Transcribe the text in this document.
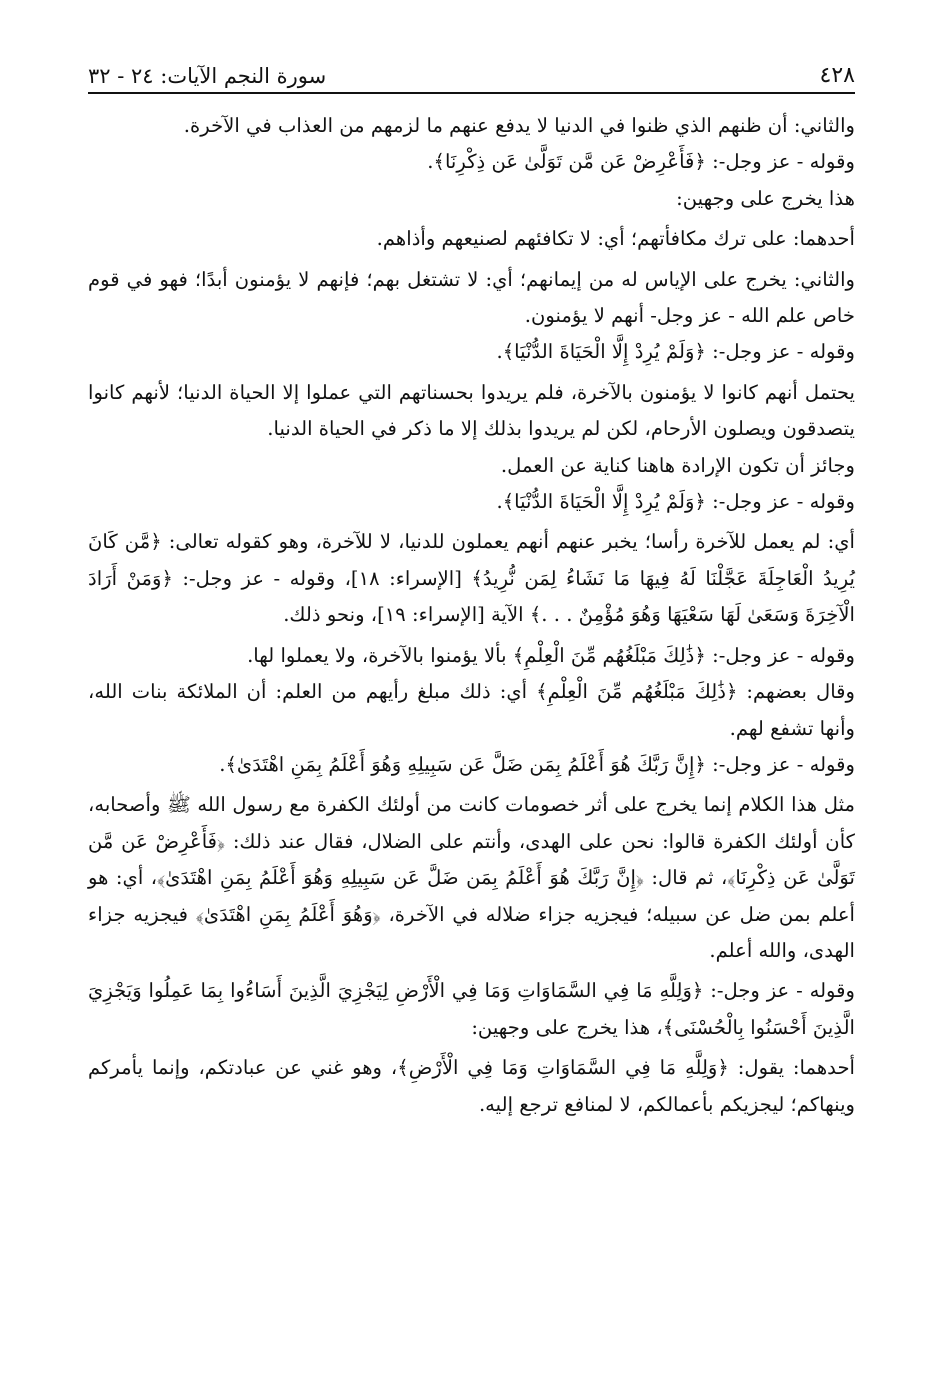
٤٢٨
سورة النجم الآيات: ٢٤ - ٣٢

والثاني: أن ظنهم الذي ظنوا في الدنيا لا يدفع عنهم ما لزمهم من العذاب في الآخرة.

وقوله - عز وجل-: ﴿فَأَعْرِضْ عَن مَّن تَوَلَّىٰ عَن ذِكْرِنَا﴾.

هذا يخرج على وجهين:

أحدهما: على ترك مكافأتهم؛ أي: لا تكافئهم لصنيعهم وأذاهم.

والثاني: يخرج على الإياس له من إيمانهم؛ أي: لا تشتغل بهم؛ فإنهم لا يؤمنون أبدًا؛ فهو في قوم خاص علم الله - عز وجل- أنهم لا يؤمنون.

وقوله - عز وجل-: ﴿وَلَمْ يُرِدْ إِلَّا الْحَيَاةَ الدُّنْيَا﴾.

يحتمل أنهم كانوا لا يؤمنون بالآخرة، فلم يريدوا بحسناتهم التي عملوا إلا الحياة الدنيا؛ لأنهم كانوا يتصدقون ويصلون الأرحام، لكن لم يريدوا بذلك إلا ما ذكر في الحياة الدنيا.

وجائز أن تكون الإرادة هاهنا كناية عن العمل.

وقوله - عز وجل-: ﴿وَلَمْ يُرِدْ إِلَّا الْحَيَاةَ الدُّنْيَا﴾.

أي: لم يعمل للآخرة رأسا؛ يخبر عنهم أنهم يعملون للدنيا، لا للآخرة، وهو كقوله تعالى: ﴿مَّن كَانَ يُرِيدُ الْعَاجِلَةَ عَجَّلْنَا لَهُ فِيهَا مَا نَشَاءُ لِمَن نُّرِيدُ﴾ [الإسراء: ١٨]، وقوله - عز وجل-: ﴿وَمَنْ أَرَادَ الْآخِرَةَ وَسَعَىٰ لَهَا سَعْيَهَا وَهُوَ مُؤْمِنٌ . . .﴾ الآية [الإسراء: ١٩]، ونحو ذلك.

وقوله - عز وجل-: ﴿ذَٰلِكَ مَبْلَغُهُم مِّنَ الْعِلْمِ﴾ بألا يؤمنوا بالآخرة، ولا يعملوا لها.

وقال بعضهم: ﴿ذَٰلِكَ مَبْلَغُهُم مِّنَ الْعِلْمِ﴾ أي: ذلك مبلغ رأيهم من العلم: أن الملائكة بنات الله، وأنها تشفع لهم.

وقوله - عز وجل-: ﴿إِنَّ رَبَّكَ هُوَ أَعْلَمُ بِمَن ضَلَّ عَن سَبِيلِهِ وَهُوَ أَعْلَمُ بِمَنِ اهْتَدَىٰ﴾.

مثل هذا الكلام إنما يخرج على أثر خصومات كانت من أولئك الكفرة مع رسول الله ﷺ وأصحابه، كأن أولئك الكفرة قالوا: نحن على الهدى، وأنتم على الضلال، فقال عند ذلك: ﴿فَأَعْرِضْ عَن مَّن تَوَلَّىٰ عَن ذِكْرِنَا﴾، ثم قال: ﴿إِنَّ رَبَّكَ هُوَ أَعْلَمُ بِمَن ضَلَّ عَن سَبِيلِهِ وَهُوَ أَعْلَمُ بِمَنِ اهْتَدَىٰ﴾، أي: هو أعلم بمن ضل عن سبيله؛ فيجزيه جزاء ضلاله في الآخرة، ﴿وَهُوَ أَعْلَمُ بِمَنِ اهْتَدَىٰ﴾ فيجزيه جزاء الهدى، والله أعلم.

وقوله - عز وجل-: ﴿وَلِلَّهِ مَا فِي السَّمَاوَاتِ وَمَا فِي الْأَرْضِ لِيَجْزِيَ الَّذِينَ أَسَاءُوا بِمَا عَمِلُوا وَيَجْزِيَ الَّذِينَ أَحْسَنُوا بِالْحُسْنَى﴾، هذا يخرج على وجهين:

أحدهما: يقول: ﴿وَلِلَّهِ مَا فِي السَّمَاوَاتِ وَمَا فِي الْأَرْضِ﴾، وهو غني عن عبادتكم، وإنما يأمركم وينهاكم؛ ليجزيكم بأعمالكم، لا لمنافع ترجع إليه.
